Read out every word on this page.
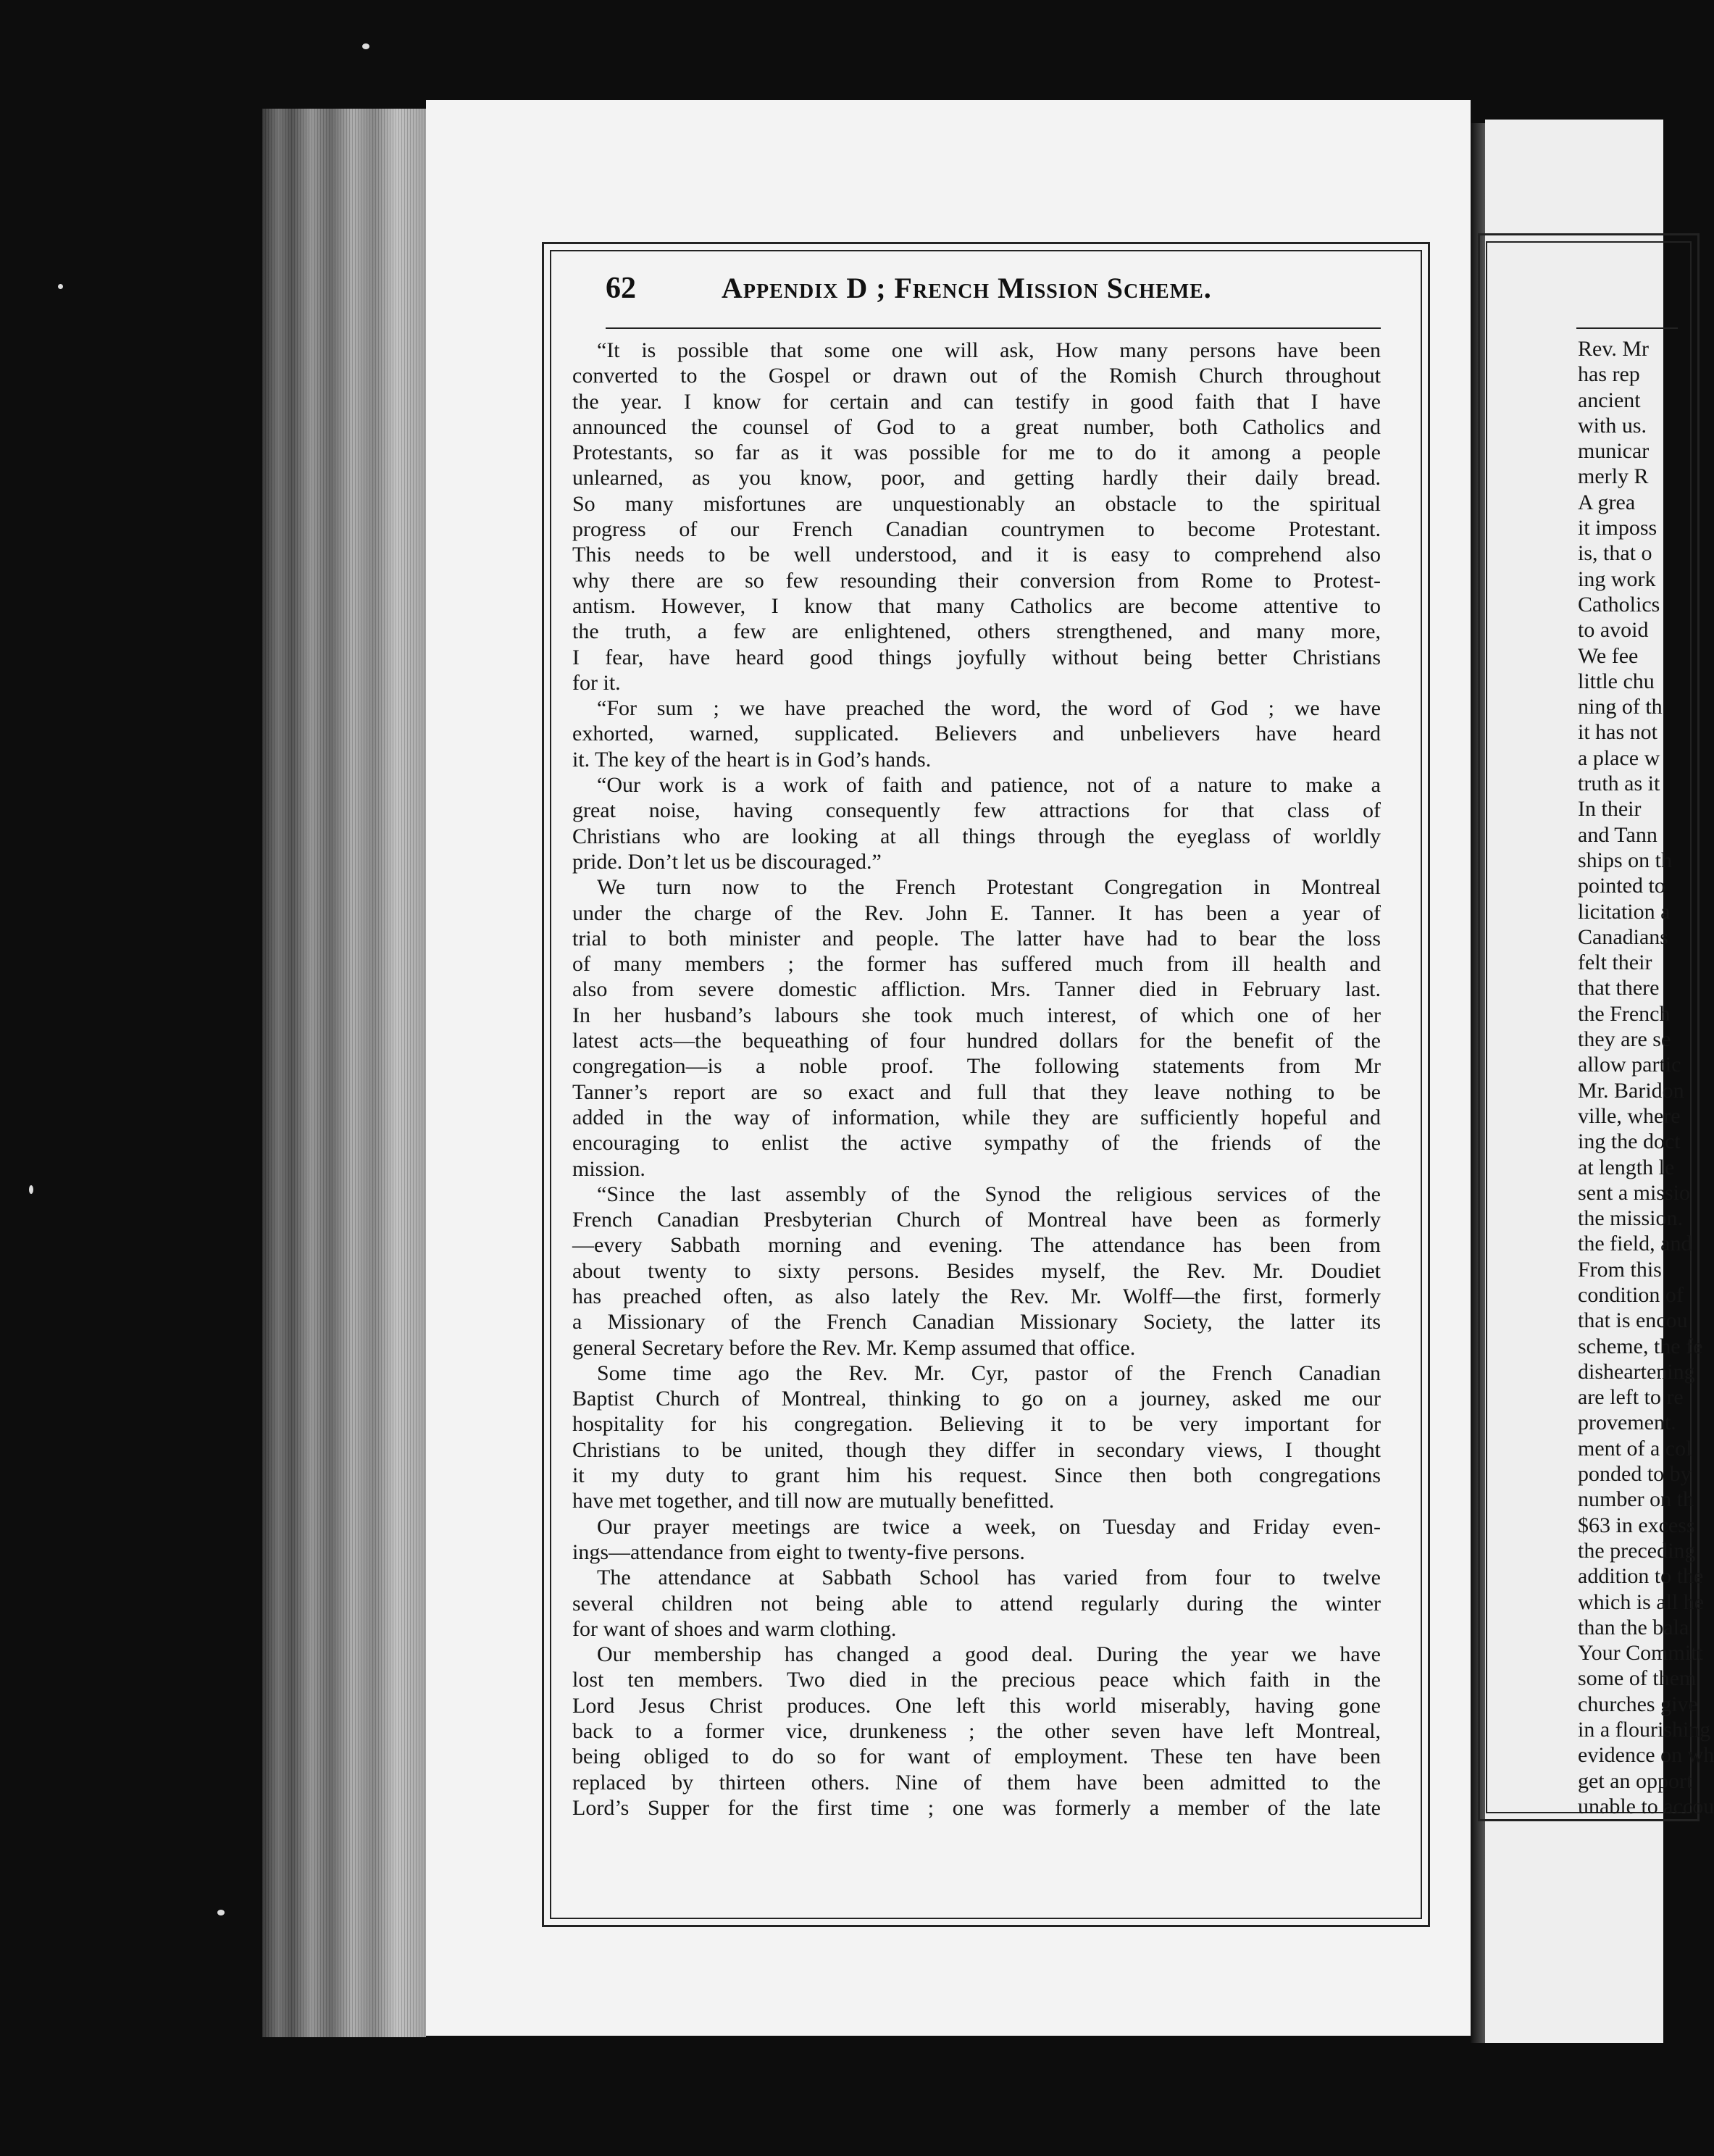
62	Appendix D ; French Mission Scheme.
“It is possible that some one will ask, How many persons have been
converted to the Gospel or drawn out of the Romish Church throughout
the year. I know for certain and can testify in good faith that I have
announced the counsel of God to a great number, both Catholics and
Protestants, so far as it was possible for me to do it among a people
unlearned, as you know, poor, and getting hardly their daily bread.
So many misfortunes are unquestionably an obstacle to the spiritual
progress of our French Canadian countrymen to become Protestant.
This needs to be well understood, and it is easy to comprehend also
why there are so few resounding their conversion from Rome to Protest-
antism. However, I know that many Catholics are become attentive to
the truth, a few are enlightened, others strengthened, and many more,
I fear, have heard good things joyfully without being better Christians
for it.
“For sum ; we have preached the word, the word of God ; we have
exhorted, warned, supplicated. Believers and unbelievers have heard
it. The key of the heart is in God’s hands.
“Our work is a work of faith and patience, not of a nature to make a
great noise, having consequently few attractions for that class of
Christians who are looking at all things through the eyeglass of worldly
pride. Don’t let us be discouraged.”
We turn now to the French Protestant Congregation in Montreal
under the charge of the Rev. John E. Tanner. It has been a year of
trial to both minister and people. The latter have had to bear the loss
of many members ; the former has suffered much from ill health and
also from severe domestic affliction. Mrs. Tanner died in February last.
In her husband’s labours she took much interest, of which one of her
latest acts—the bequeathing of four hundred dollars for the benefit of the
congregation—is a noble proof. The following statements from Mr
Tanner’s report are so exact and full that they leave nothing to be
added in the way of information, while they are sufficiently hopeful and
encouraging to enlist the active sympathy of the friends of the
mission.
“Since the last assembly of the Synod the religious services of the
French Canadian Presbyterian Church of Montreal have been as formerly
—every Sabbath morning and evening. The attendance has been from
about twenty to sixty persons. Besides myself, the Rev. Mr. Doudiet
has preached often, as also lately the Rev. Mr. Wolff—the first, formerly
a Missionary of the French Canadian Missionary Society, the latter its
general Secretary before the Rev. Mr. Kemp assumed that office.
Some time ago the Rev. Mr. Cyr, pastor of the French Canadian
Baptist Church of Montreal, thinking to go on a journey, asked me our
hospitality for his congregation. Believing it to be very important for
Christians to be united, though they differ in secondary views, I thought
it my duty to grant him his request. Since then both congregations
have met together, and till now are mutually benefitted.
Our prayer meetings are twice a week, on Tuesday and Friday even-
ings—attendance from eight to twenty-five persons.
The attendance at Sabbath School has varied from four to twelve
several children not being able to attend regularly during the winter
for want of shoes and warm clothing.
Our membership has changed a good deal. During the year we have
lost ten members. Two died in the precious peace which faith in the
Lord Jesus Christ produces. One left this world miserably, having gone
back to a former vice, drunkeness ; the other seven have left Montreal,
being obliged to do so for want of employment. These ten have been
replaced by thirteen others. Nine of them have been admitted to the
Lord’s Supper for the first time ; one was formerly a member of the late
Rev. Mr
has rep
ancient
with us.
municar
merly R
A grea
it imposs
is, that o
ing work
Catholics
to avoid
We fee
little chu
ning of th
it has not
a place w
truth as it
In their
and Tann
ships on th
pointed to
licitation a
Canadians
felt their
that there
the French
they are se
allow partic
Mr. Baridon
ville, where
ing the doct
at length le
sent a missio
the mission.
the field, and
From this
condition of
that is encou
scheme, the fe
disheartening
are left to re
provement.
ment of a col
ponded to by
number on th
$63 in excess
the preceding
addition to the
which is all he
than the bala
Your Committ
some of them
churches give
in a flourishing
evidence on wh
get an opport
unable to accou
